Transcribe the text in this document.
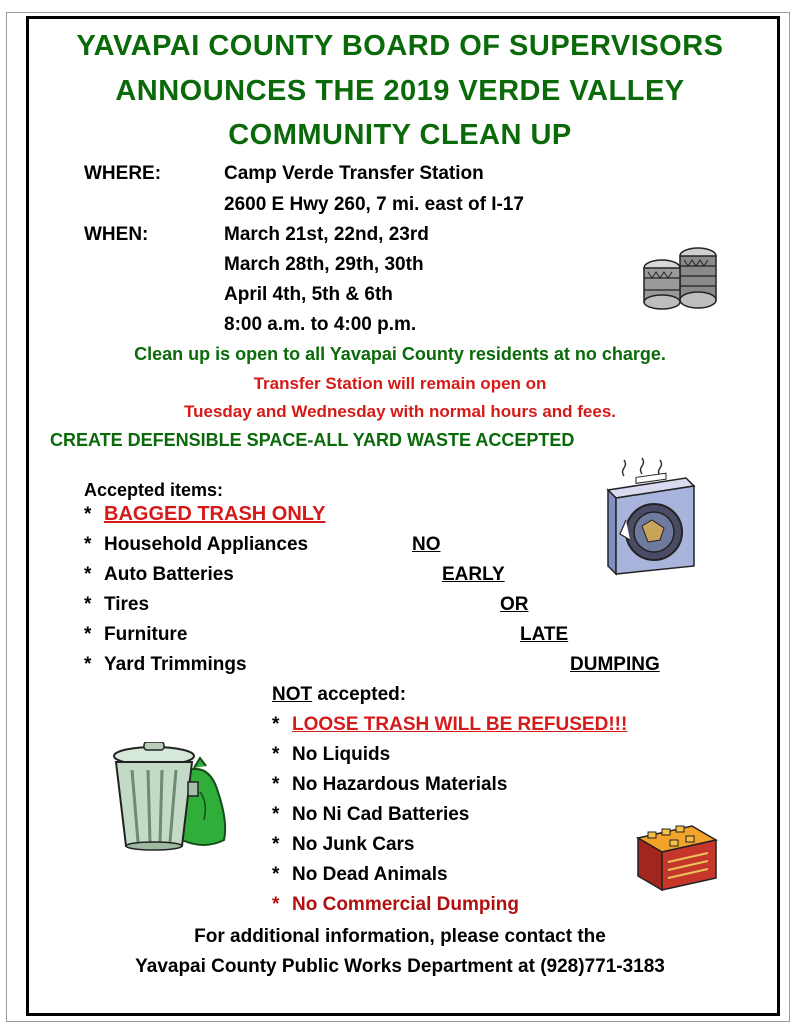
YAVAPAI COUNTY BOARD OF SUPERVISORS
ANNOUNCES THE 2019 VERDE VALLEY
COMMUNITY CLEAN UP
WHERE:	Camp Verde Transfer Station
2600 E Hwy 260, 7 mi. east of I-17
WHEN:	March 21st, 22nd, 23rd
March 28th, 29th, 30th
April 4th, 5th & 6th
8:00 a.m. to 4:00 p.m.
Clean up is open to all Yavapai County residents at no charge.
Transfer Station will remain open on
Tuesday and Wednesday with normal hours and fees.
CREATE DEFENSIBLE SPACE-ALL YARD WASTE ACCEPTED
Accepted items:
* BAGGED TRASH ONLY
* Household Appliances
* Auto Batteries
* Tires
* Furniture
* Yard Trimmings
NO
EARLY
OR
LATE
DUMPING
NOT accepted:
* LOOSE TRASH WILL BE REFUSED!!!
* No Liquids
* No Hazardous Materials
* No Ni Cad Batteries
* No Junk Cars
* No Dead Animals
* No Commercial Dumping
For additional information, please contact the
Yavapai County Public Works Department at (928)771-3183
